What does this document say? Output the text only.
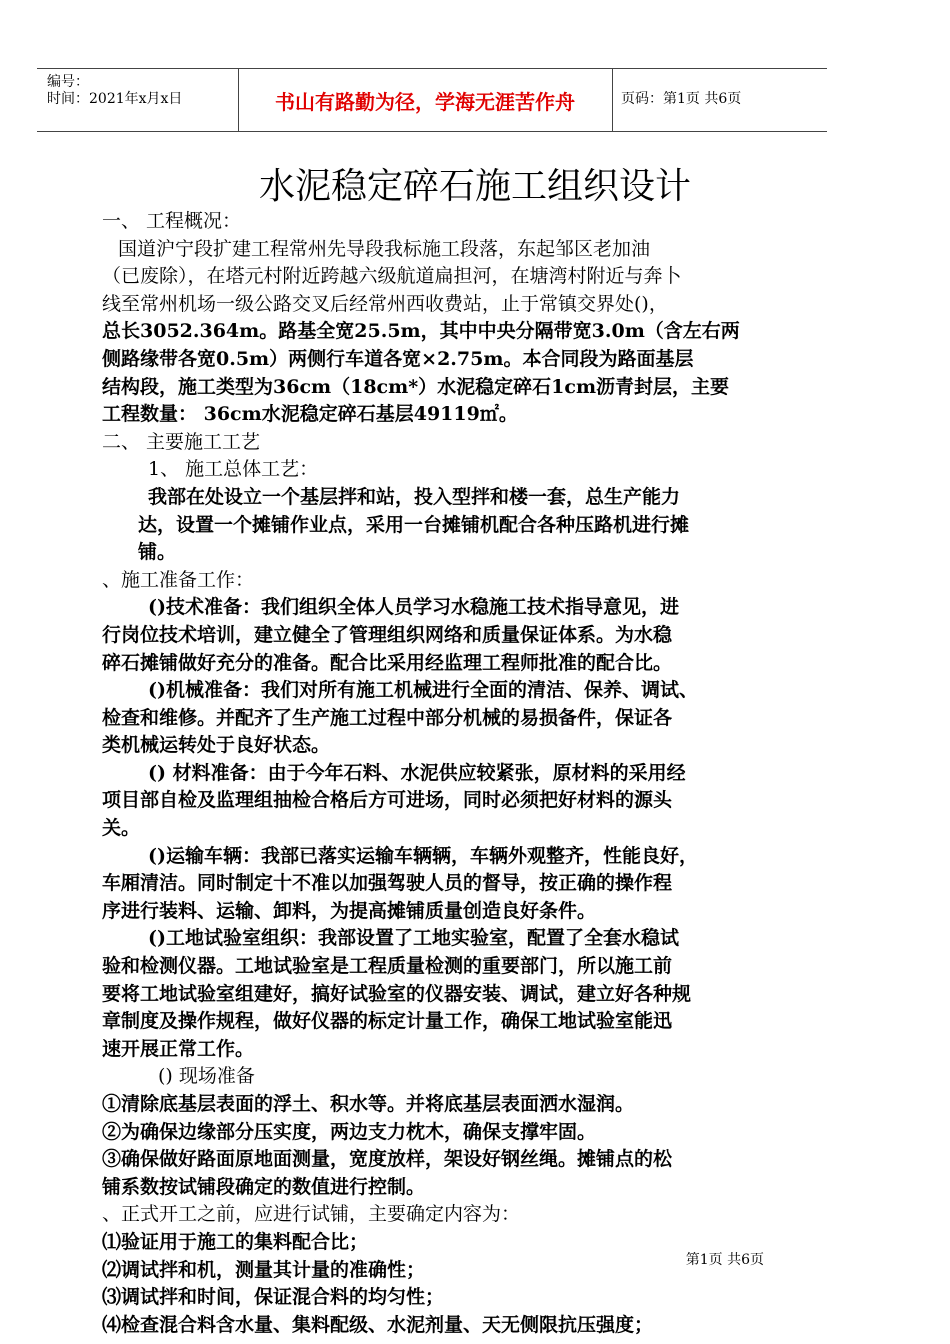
编号：
时间：2021年x月x日	书山有路勤为径，学海无涯苦作舟	页码：第1页 共6页
水泥稳定碎石施工组织设计
一、 工程概况：
国道沪宁段扩建工程常州先导段我标施工段落，东起邹区老加油
（已废除），在塔元村附近跨越六级航道扁担河，在塘湾村附近与奔卜
线至常州机场一级公路交叉后经常州西收费站，止于常镇交界处()，
总长3052.364m。路基全宽25.5m，其中中央分隔带宽3.0m（含左右两
侧路缘带各宽0.5m）两侧行车道各宽×2.75m。本合同段为路面基层
结构段，施工类型为36cm（18cm*）水泥稳定碎石1cm沥青封层，主要
工程数量： 36cm水泥稳定碎石基层49119㎡。
二、 主要施工工艺
1、 施工总体工艺：
我部在处设立一个基层拌和站，投入型拌和楼一套，总生产能力
达，设置一个摊铺作业点，采用一台摊铺机配合各种压路机进行摊
铺。
、施工准备工作：
()技术准备：我们组织全体人员学习水稳施工技术指导意见，进
行岗位技术培训，建立健全了管理组织网络和质量保证体系。为水稳
碎石摊铺做好充分的准备。配合比采用经监理工程师批准的配合比。
()机械准备：我们对所有施工机械进行全面的清洁、保养、调试、
检查和维修。并配齐了生产施工过程中部分机械的易损备件，保证各
类机械运转处于良好状态。
() 材料准备：由于今年石料、水泥供应较紧张，原材料的采用经
项目部自检及监理组抽检合格后方可进场，同时必须把好材料的源头
关。
()运输车辆：我部已落实运输车辆辆，车辆外观整齐，性能良好，
车厢清洁。同时制定十不准以加强驾驶人员的督导，按正确的操作程
序进行装料、运输、卸料，为提高摊铺质量创造良好条件。
()工地试验室组织：我部设置了工地实验室，配置了全套水稳试
验和检测仪器。工地试验室是工程质量检测的重要部门，所以施工前
要将工地试验室组建好，搞好试验室的仪器安装、调试，建立好各种规
章制度及操作规程，做好仪器的标定计量工作，确保工地试验室能迅
速开展正常工作。
() 现场准备
①清除底基层表面的浮土、积水等。并将底基层表面洒水湿润。
②为确保边缘部分压实度，两边支力枕木，确保支撑牢固。
③确保做好路面原地面测量，宽度放样，架设好钢丝绳。摊铺点的松
铺系数按试铺段确定的数值进行控制。
、正式开工之前，应进行试铺，主要确定内容为：
⑴验证用于施工的集料配合比；
⑵调试拌和机，测量其计量的准确性；
⑶调试拌和时间，保证混合料的均匀性；
⑷检查混合料含水量、集料配级、水泥剂量、天无侧限抗压强度；
第1页 共6页
